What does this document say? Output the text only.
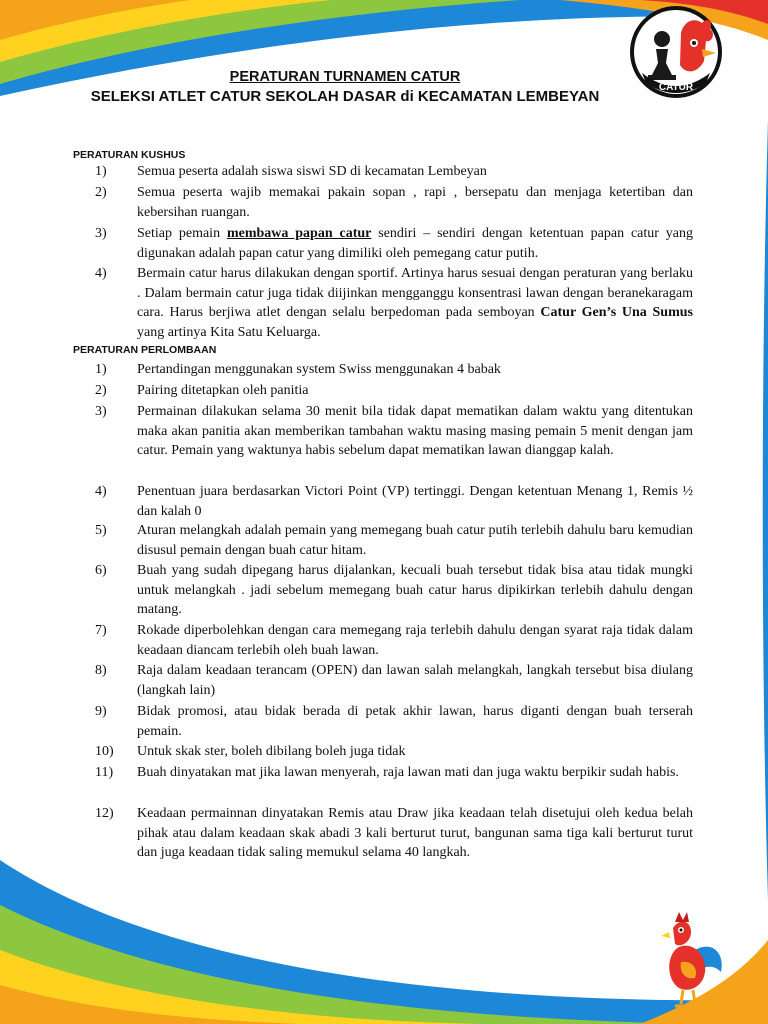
CATUR
PERATURAN TURNAMEN CATUR
SELEKSI ATLET CATUR SEKOLAH DASAR di KECAMATAN LEMBEYAN
PERATURAN KUSHUS
1)	Semua peserta adalah siswa siswi SD di kecamatan Lembeyan
2)	Semua peserta wajib memakai pakain sopan , rapi , bersepatu dan menjaga ketertiban dan kebersihan ruangan.
3)	Setiap pemain membawa papan catur sendiri – sendiri dengan ketentuan papan catur yang digunakan adalah papan catur yang dimiliki oleh pemegang catur putih.
4)	Bermain catur harus dilakukan dengan sportif. Artinya harus sesuai dengan peraturan yang berlaku . Dalam bermain catur juga tidak diijinkan mengganggu konsentrasi lawan dengan beranekaragam cara. Harus berjiwa atlet dengan selalu berpedoman pada semboyan Catur Gen’s Una Sumus yang artinya Kita Satu Keluarga.
PERATURAN PERLOMBAAN
1)	Pertandingan menggunakan system Swiss menggunakan 4 babak
2)	Pairing ditetapkan oleh panitia
3)	Permainan dilakukan selama 30 menit bila tidak dapat mematikan dalam waktu yang ditentukan maka akan panitia akan memberikan tambahan waktu masing masing pemain 5 menit dengan jam catur. Pemain yang waktunya habis sebelum dapat mematikan lawan dianggap kalah.
4)	Penentuan juara berdasarkan Victori Point (VP) tertinggi. Dengan ketentuan Menang 1, Remis ½ dan kalah 0
5)	Aturan melangkah adalah pemain yang memegang buah catur putih terlebih dahulu baru kemudian disusul pemain dengan buah catur hitam.
6)	Buah yang sudah dipegang harus dijalankan, kecuali buah tersebut tidak bisa atau tidak mungki untuk melangkah . jadi sebelum memegang buah catur harus dipikirkan terlebih dahulu dengan matang.
7)	Rokade diperbolehkan dengan cara memegang raja terlebih dahulu dengan syarat raja tidak dalam keadaan diancam terlebih oleh buah lawan.
8)	Raja dalam keadaan terancam (OPEN) dan lawan salah melangkah, langkah tersebut bisa diulang (langkah lain)
9)	Bidak promosi, atau bidak berada di petak akhir lawan, harus diganti dengan buah terserah pemain.
10)	Untuk skak ster, boleh dibilang boleh juga tidak
11)	Buah dinyatakan mat jika lawan menyerah, raja lawan mati dan juga waktu berpikir sudah habis.
12)	Keadaan permainnan dinyatakan Remis atau Draw jika keadaan telah disetujui oleh kedua belah pihak atau dalam keadaan skak abadi 3 kali berturut turut, bangunan sama tiga kali berturut turut dan juga keadaan tidak saling memukul selama 40 langkah.
